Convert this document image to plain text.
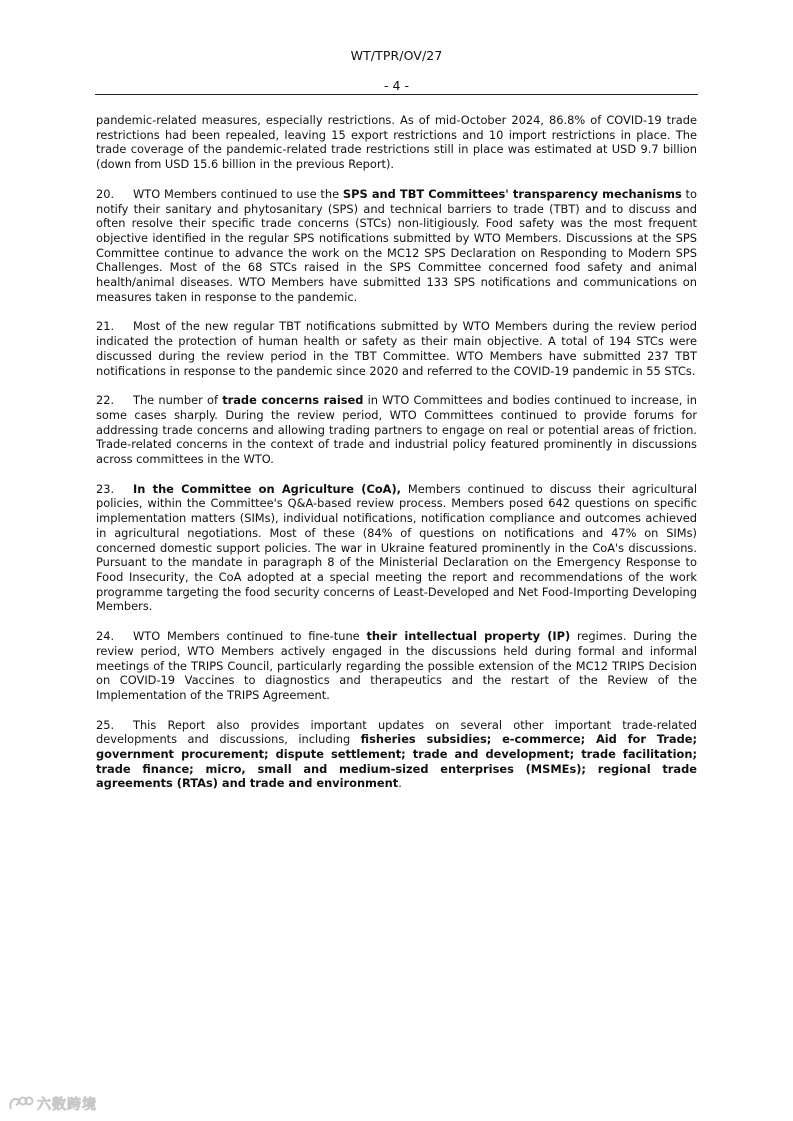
WT/TPR/OV/27
- 4 -

pandemic-related measures, especially restrictions. As of mid-October 2024, 86.8% of COVID-19 trade restrictions had been repealed, leaving 15 export restrictions and 10 import restrictions in place. The trade coverage of the pandemic-related trade restrictions still in place was estimated at USD 9.7 billion (down from USD 15.6 billion in the previous Report).

20. WTO Members continued to use the SPS and TBT Committees' transparency mechanisms to notify their sanitary and phytosanitary (SPS) and technical barriers to trade (TBT) and to discuss and often resolve their specific trade concerns (STCs) non-litigiously. Food safety was the most frequent objective identified in the regular SPS notifications submitted by WTO Members. Discussions at the SPS Committee continue to advance the work on the MC12 SPS Declaration on Responding to Modern SPS Challenges. Most of the 68 STCs raised in the SPS Committee concerned food safety and animal health/animal diseases. WTO Members have submitted 133 SPS notifications and communications on measures taken in response to the pandemic.

21. Most of the new regular TBT notifications submitted by WTO Members during the review period indicated the protection of human health or safety as their main objective. A total of 194 STCs were discussed during the review period in the TBT Committee. WTO Members have submitted 237 TBT notifications in response to the pandemic since 2020 and referred to the COVID-19 pandemic in 55 STCs.

22. The number of trade concerns raised in WTO Committees and bodies continued to increase, in some cases sharply. During the review period, WTO Committees continued to provide forums for addressing trade concerns and allowing trading partners to engage on real or potential areas of friction. Trade-related concerns in the context of trade and industrial policy featured prominently in discussions across committees in the WTO.

23. In the Committee on Agriculture (CoA), Members continued to discuss their agricultural policies, within the Committee's Q&A-based review process. Members posed 642 questions on specific implementation matters (SIMs), individual notifications, notification compliance and outcomes achieved in agricultural negotiations. Most of these (84% of questions on notifications and 47% on SIMs) concerned domestic support policies. The war in Ukraine featured prominently in the CoA's discussions. Pursuant to the mandate in paragraph 8 of the Ministerial Declaration on the Emergency Response to Food Insecurity, the CoA adopted at a special meeting the report and recommendations of the work programme targeting the food security concerns of Least-Developed and Net Food-Importing Developing Members.

24. WTO Members continued to fine-tune their intellectual property (IP) regimes. During the review period, WTO Members actively engaged in the discussions held during formal and informal meetings of the TRIPS Council, particularly regarding the possible extension of the MC12 TRIPS Decision on COVID-19 Vaccines to diagnostics and therapeutics and the restart of the Review of the Implementation of the TRIPS Agreement.

25. This Report also provides important updates on several other important trade-related developments and discussions, including fisheries subsidies; e-commerce; Aid for Trade; government procurement; dispute settlement; trade and development; trade facilitation; trade finance; micro, small and medium-sized enterprises (MSMEs); regional trade agreements (RTAs) and trade and environment.

六数跨境
